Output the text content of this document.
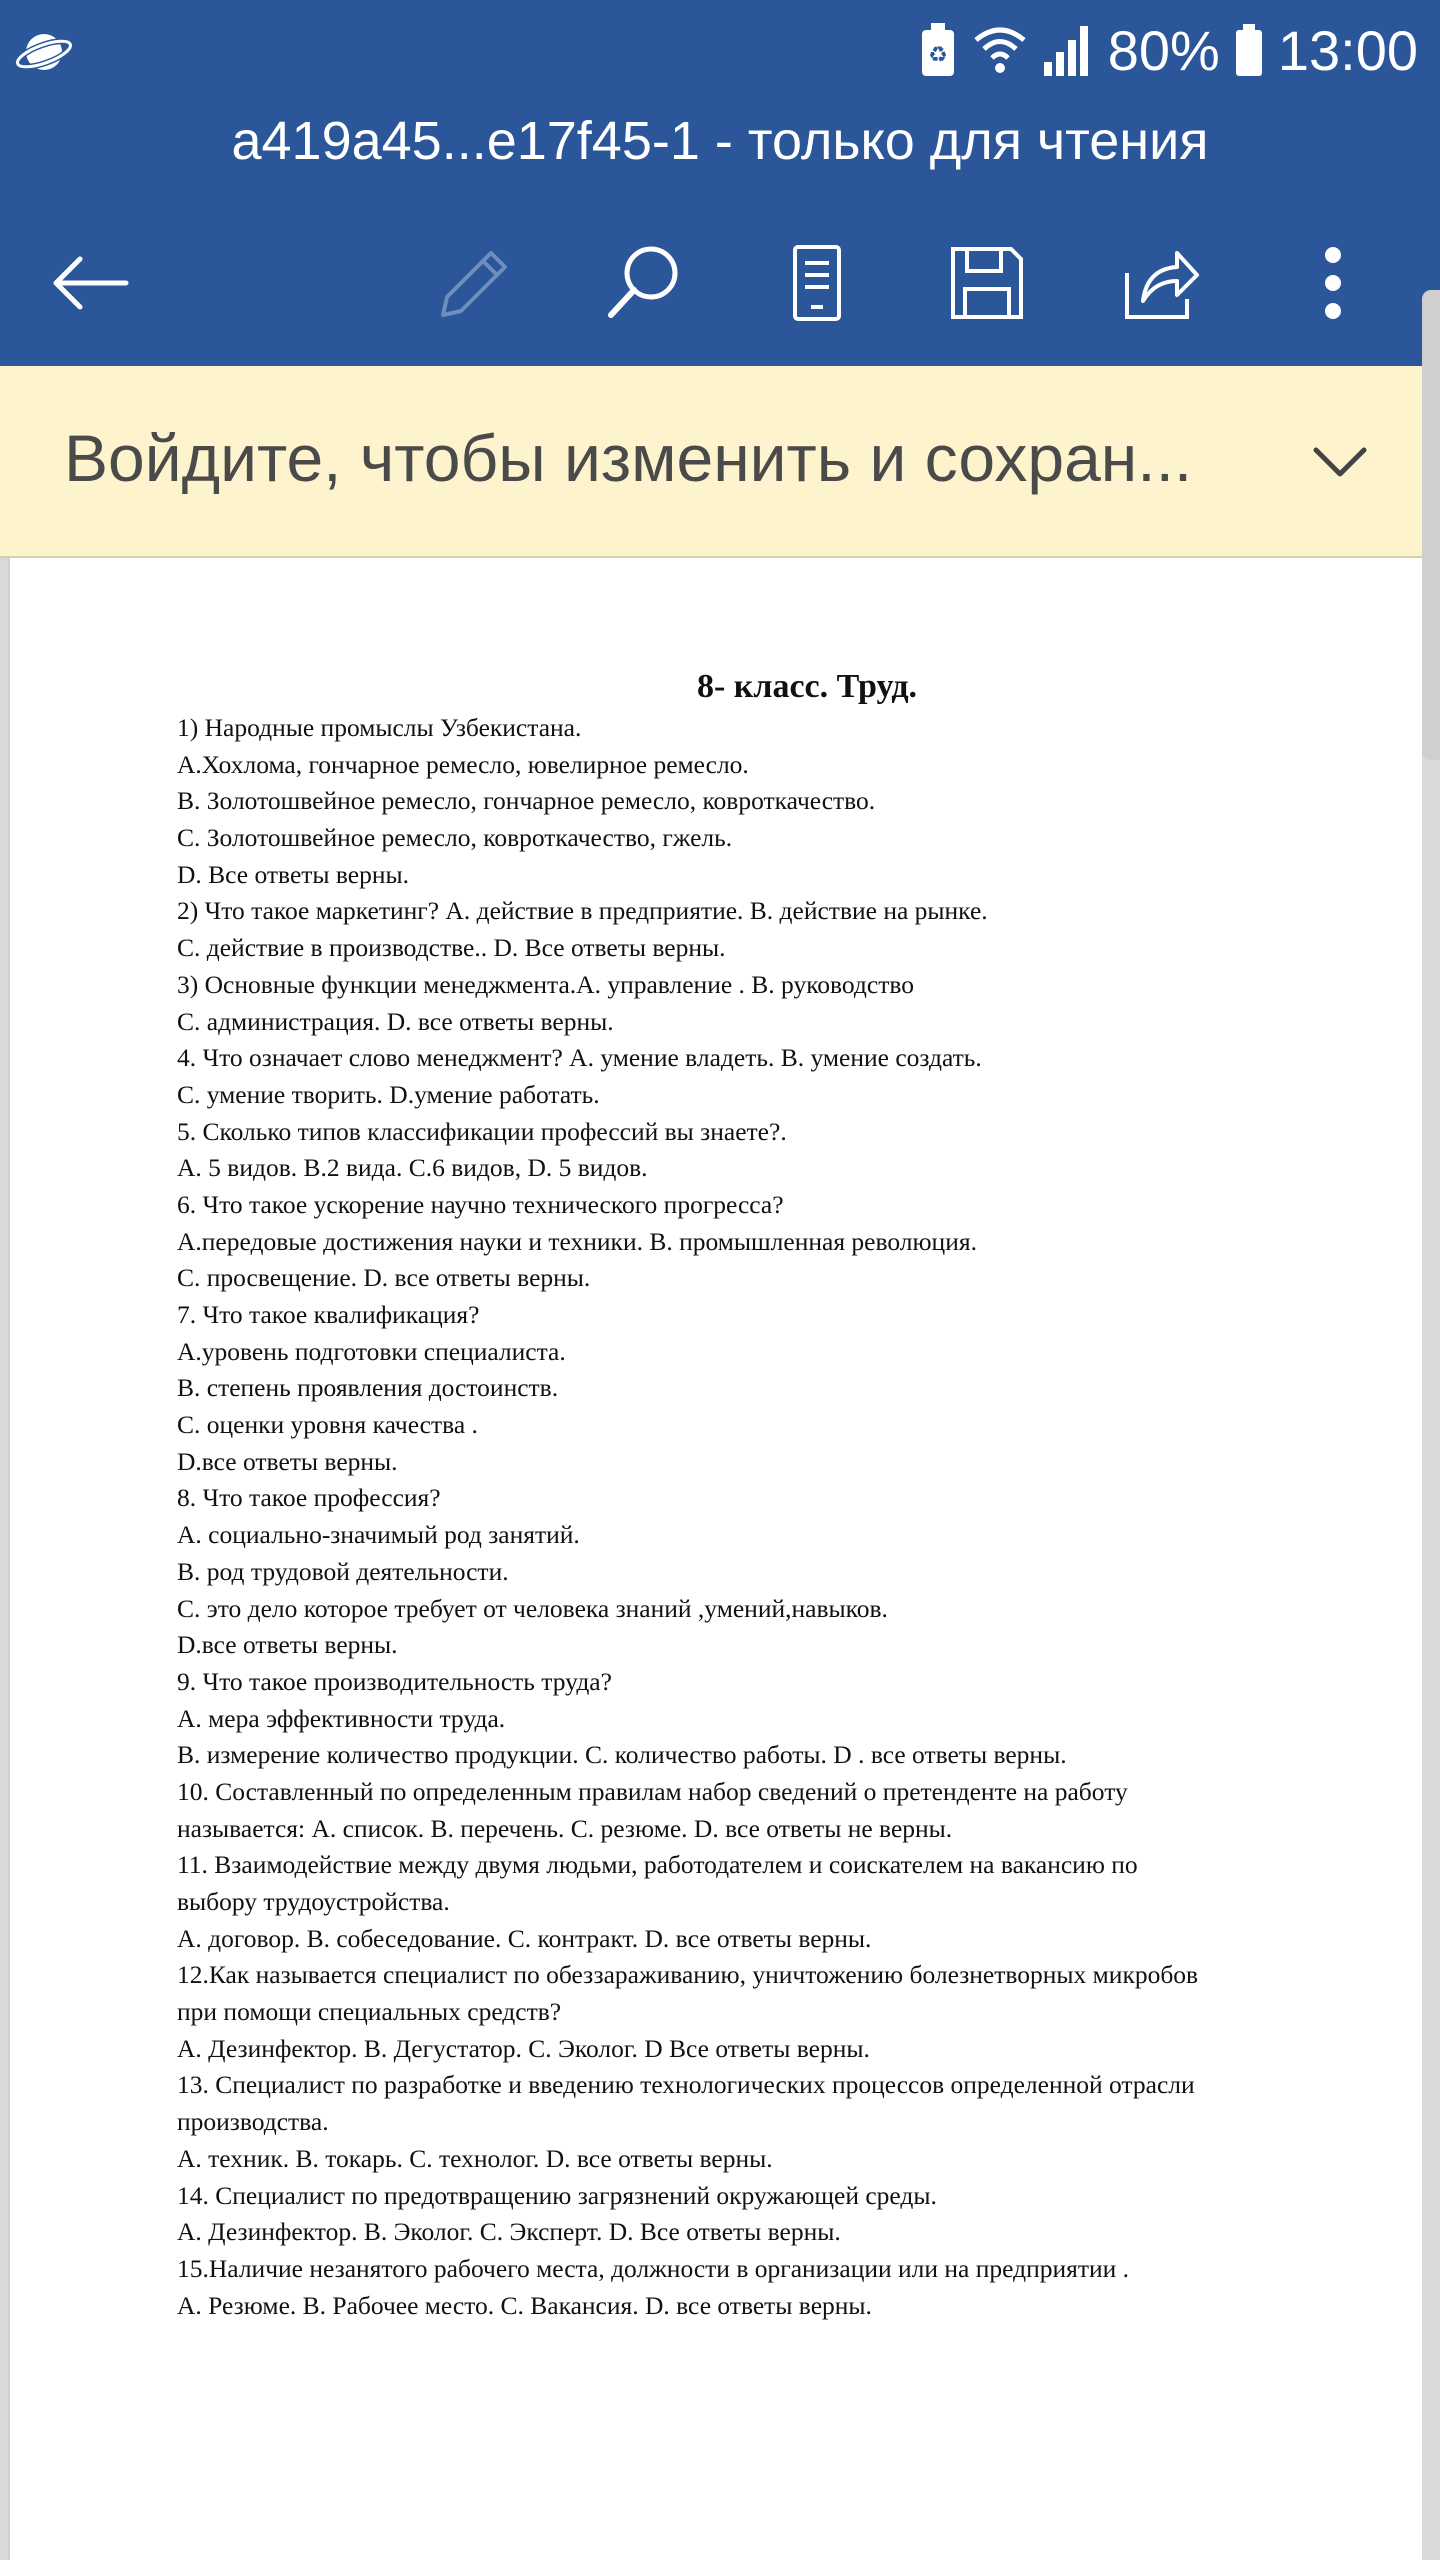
♻	80% 13:00
a419a45...e17f45-1 - только для чтения
Войдите, чтобы изменить и сохран...
8- класс. Труд.
1) Народные промыслы Узбекистана.
A.Хохлома, гончарное ремесло, ювелирное ремесло.
B. Золотошвейное ремесло, гончарное ремесло, ковроткачество.
C. Золотошвейное ремесло, ковроткачество, гжель.
D. Все ответы верны.
2) Что такое маркетинг? A. действие в предприятие. B. действие на рынке.
C. действие в производстве.. D. Все ответы верны.
3) Основные функции менеджмента.A. управление . B. руководство
C. администрация. D. все ответы верны.
4. Что означает слово менеджмент? A. умение владеть. B. умение создать.
C. умение творить. D.умение работать.
5. Сколько типов классификации профессий вы знаете?.
A. 5 видов. B.2 вида. C.6 видов, D. 5 видов.
6. Что такое ускорение научно технического прогресса?
A.передовые достижения науки и техники. B. промышленная революция.
C. просвещение. D. все ответы верны.
7. Что такое квалификация?
A.уровень подготовки специалиста.
B. степень проявления достоинств.
C. оценки уровня качества .
D.все ответы верны.
8. Что такое профессия?
A. социально-значимый род занятий.
B. род трудовой деятельности.
C. это дело которое требует от человека знаний ,умений,навыков.
D.все ответы верны.
9. Что такое производительность труда?
A. мера эффективности труда.
B. измерение количество продукции. C. количество работы. D . все ответы верны.
10. Составленный по определенным правилам набор сведений о претенденте на работу
называется: A. список. B. перечень. C. резюме. D. все ответы не верны.
11. Взаимодействие между двумя людьми, работодателем и соискателем на вакансию по
выбору трудоустройства.
A. договор. B. собеседование. C. контракт. D. все ответы верны.
12.Как называется специалист по обеззараживанию, уничтожению болезнетворных микробов
при помощи специальных средств?
A. Дезинфектор. B. Дегустатор. C. Эколог. D Все ответы верны.
13. Специалист по разработке и введению технологических процессов определенной отрасли
производства.
A. техник. B. токарь. C. технолог. D. все ответы верны.
14. Специалист по предотвращению загрязнений окружающей среды.
A. Дезинфектор. B. Эколог. C. Эксперт. D. Все ответы верны.
15.Наличие незанятого рабочего места, должности в организации или на предприятии .
A. Резюме. B. Рабочее место. C. Вакансия. D. все ответы верны.
